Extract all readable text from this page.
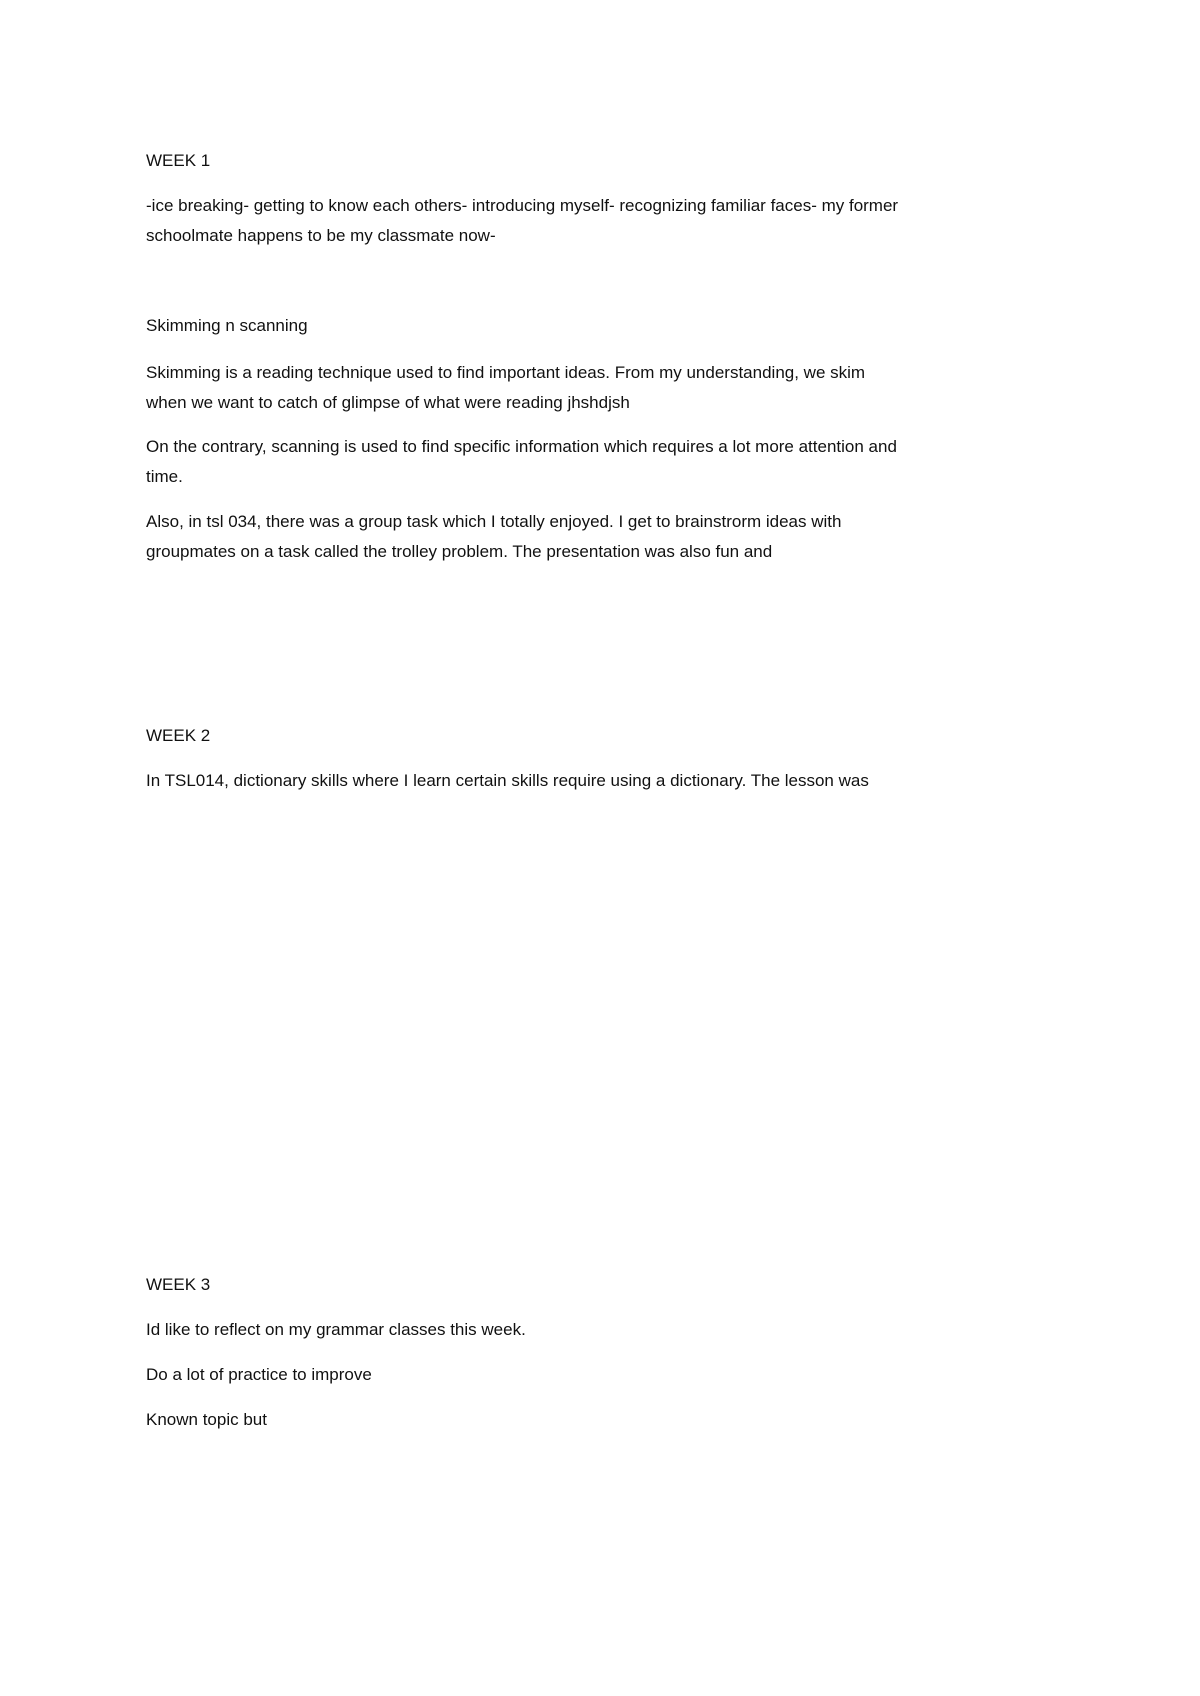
WEEK 1
-ice breaking- getting to know each others- introducing myself- recognizing familiar faces- my former
schoolmate happens to be my classmate now-
Skimming n scanning
Skimming is a reading technique used to find important ideas. From my understanding, we skim
when we want to catch of glimpse of what were reading jhshdjsh
On the contrary, scanning is used to find specific information which requires a lot more attention and
time.
Also, in tsl 034, there was a group task which I totally enjoyed. I get to brainstrorm ideas with
groupmates on a task called the trolley problem. The presentation was also fun and
WEEK 2
In TSL014, dictionary skills where I learn certain skills require using a dictionary. The lesson was
WEEK 3
Id like to reflect on my grammar classes this week.
Do a lot of practice to improve
Known topic but
